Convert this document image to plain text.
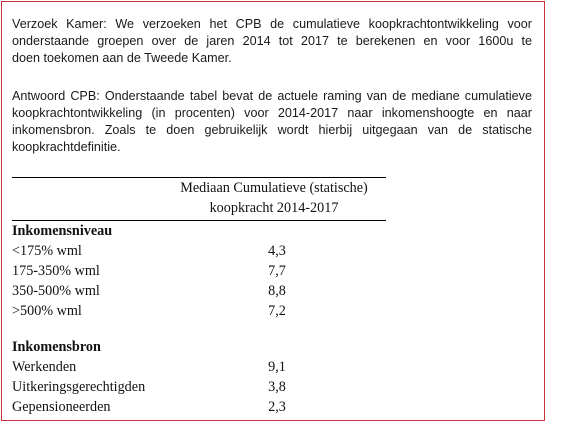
Verzoek Kamer: We verzoeken het CPB de cumulatieve koopkrachtontwikkeling voor
onderstaande groepen over de jaren 2014 tot 2017 te berekenen en voor 1600u te
doen toekomen aan de Tweede Kamer.

Antwoord CPB: Onderstaande tabel bevat de actuele raming van de mediane cumulatieve
koopkrachtontwikkeling (in procenten) voor 2014-2017 naar inkomenshoogte en naar
inkomensbron. Zoals te doen gebruikelijk wordt hierbij uitgegaan van de statische
koopkrachtdefinitie.

Mediaan Cumulatieve (statische)
koopkracht 2014-2017
Inkomensniveau
<175% wml	4,3
175-350% wml	7,7
350-500% wml	8,8
>500% wml	7,2
Inkomensbron
Werkenden	9,1
Uitkeringsgerechtigden	3,8
Gepensioneerden	2,3
